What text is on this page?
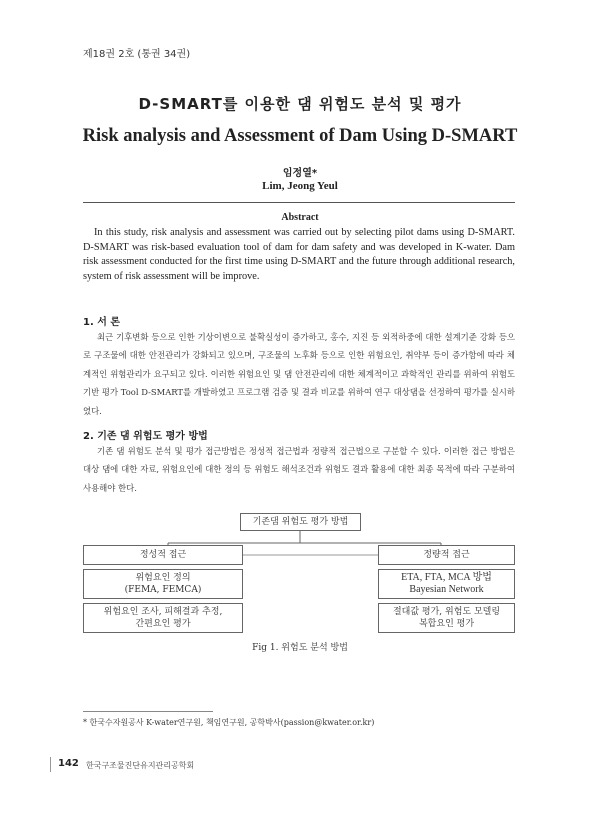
제18권 2호 (통권 34권)
D-SMART를 이용한 댐 위험도 분석 및 평가
Risk analysis and Assessment of Dam Using D-SMART
임정열*
Lim, Jeong Yeul
Abstract

In this study, risk analysis and assessment was carried out by selecting pilot dams using D-SMART. D-SMART was risk-based evaluation tool of dam for dam safety and was developed in K-water. Dam risk assessment conducted for the first time using D-SMART and the future through additional research, system of risk assessment will be improve.

1. 서 론

최근 기후변화 등으로 인한 기상이변으로 불확실성이 증가하고, 홍수, 지진 등 외적하중에 대한 설계기준 강화 등으로 구조물에 대한 안전관리가 강화되고 있으며, 구조물의 노후화 등으로 인한 위험요인, 취약부 등이 증가함에 따라 체계적인 위험관리가 요구되고 있다. 이러한 위험요인 및 댐 안전관리에 대한 체계적이고 과학적인 관리를 위하여 위험도 기반 평가 Tool D-SMART를 개발하였고 프로그램 검증 및 결과 비교를 위하여 연구 대상댐을 선정하여 평가를 실시하였다.

2. 기존 댐 위험도 평가 방법

기존 댐 위험도 분석 및 평가 접근방법은 정성적 접근법과 정량적 접근법으로 구분할 수 있다. 이러한 접근 방법은 대상 댐에 대한 자료, 위험요인에 대한 정의 등 위험도 해석조건과 위험도 결과 활용에 대한 최종 목적에 따라 구분하여 사용해야 한다.

기존댐 위험도 평가 방법
정성적 접근
위험요인 정의
(FEMA, FEMCA)
위험요인 조사, 피해결과 추정,
간편요인 평가
정량적 접근
ETA, FTA, MCA 방법
Bayesian Network
절대값 평가, 위험도 모델링
복합요인 평가
Fig 1. 위험도 분석 방법
* 한국수자원공사 K-water연구원, 책임연구원, 공학박사(passion@kwater.or.kr)
142 한국구조물진단유지관리공학회
